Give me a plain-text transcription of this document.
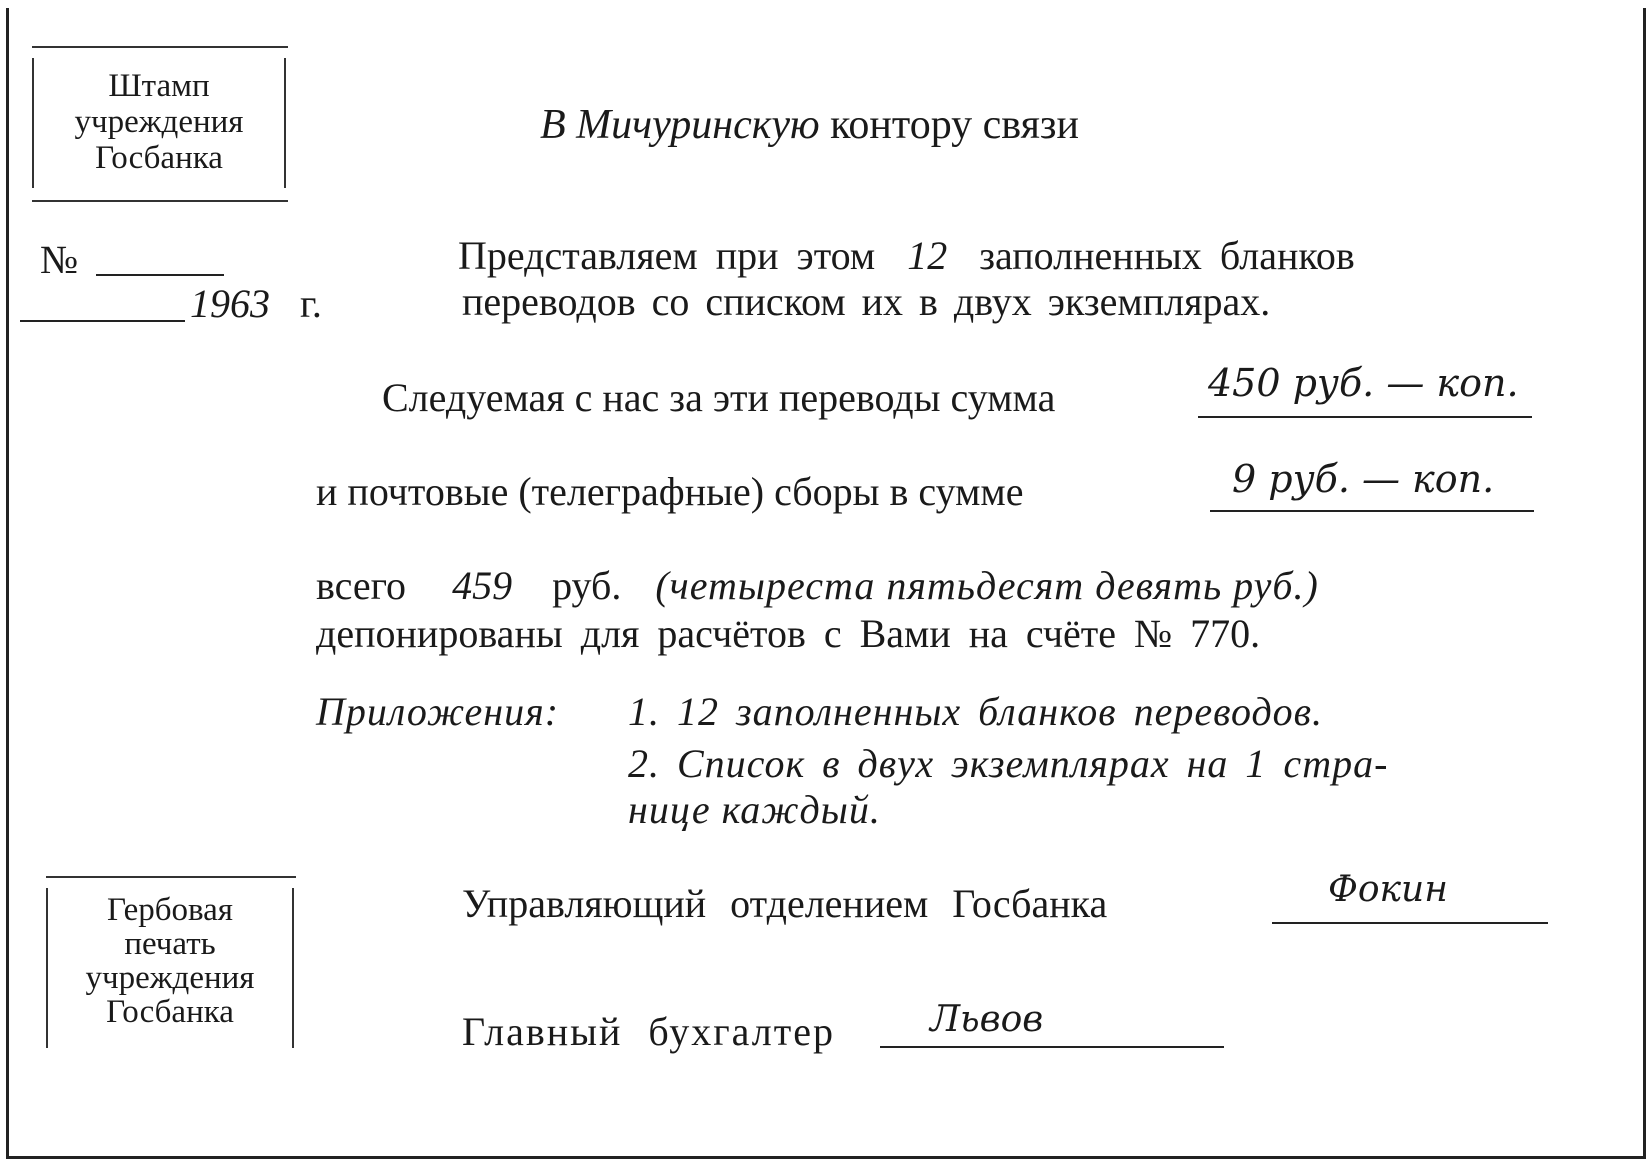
Штамп
учреждения
Госбанка
№
1963 г.
В Мичуринскую контору связи
Представляем при этом 12 заполненных бланков
переводов со списком их в двух экземплярах.
Следуемая с нас за эти переводы сумма	450 руб. — коп.
и почтовые (телеграфные) сборы в сумме	9 руб. — коп.
всего 459 руб. (четыреста пятьдесят девять руб.)
депонированы для расчётов с Вами на счёте № 770.
Приложения: 1. 12 заполненных бланков переводов.
2. Список в двух экземплярах на 1 стра-
нице каждый.
Гербовая
печать
учреждения
Госбанка
Управляющий отделением Госбанка	Фокин
Главный бухгалтер	Львов
